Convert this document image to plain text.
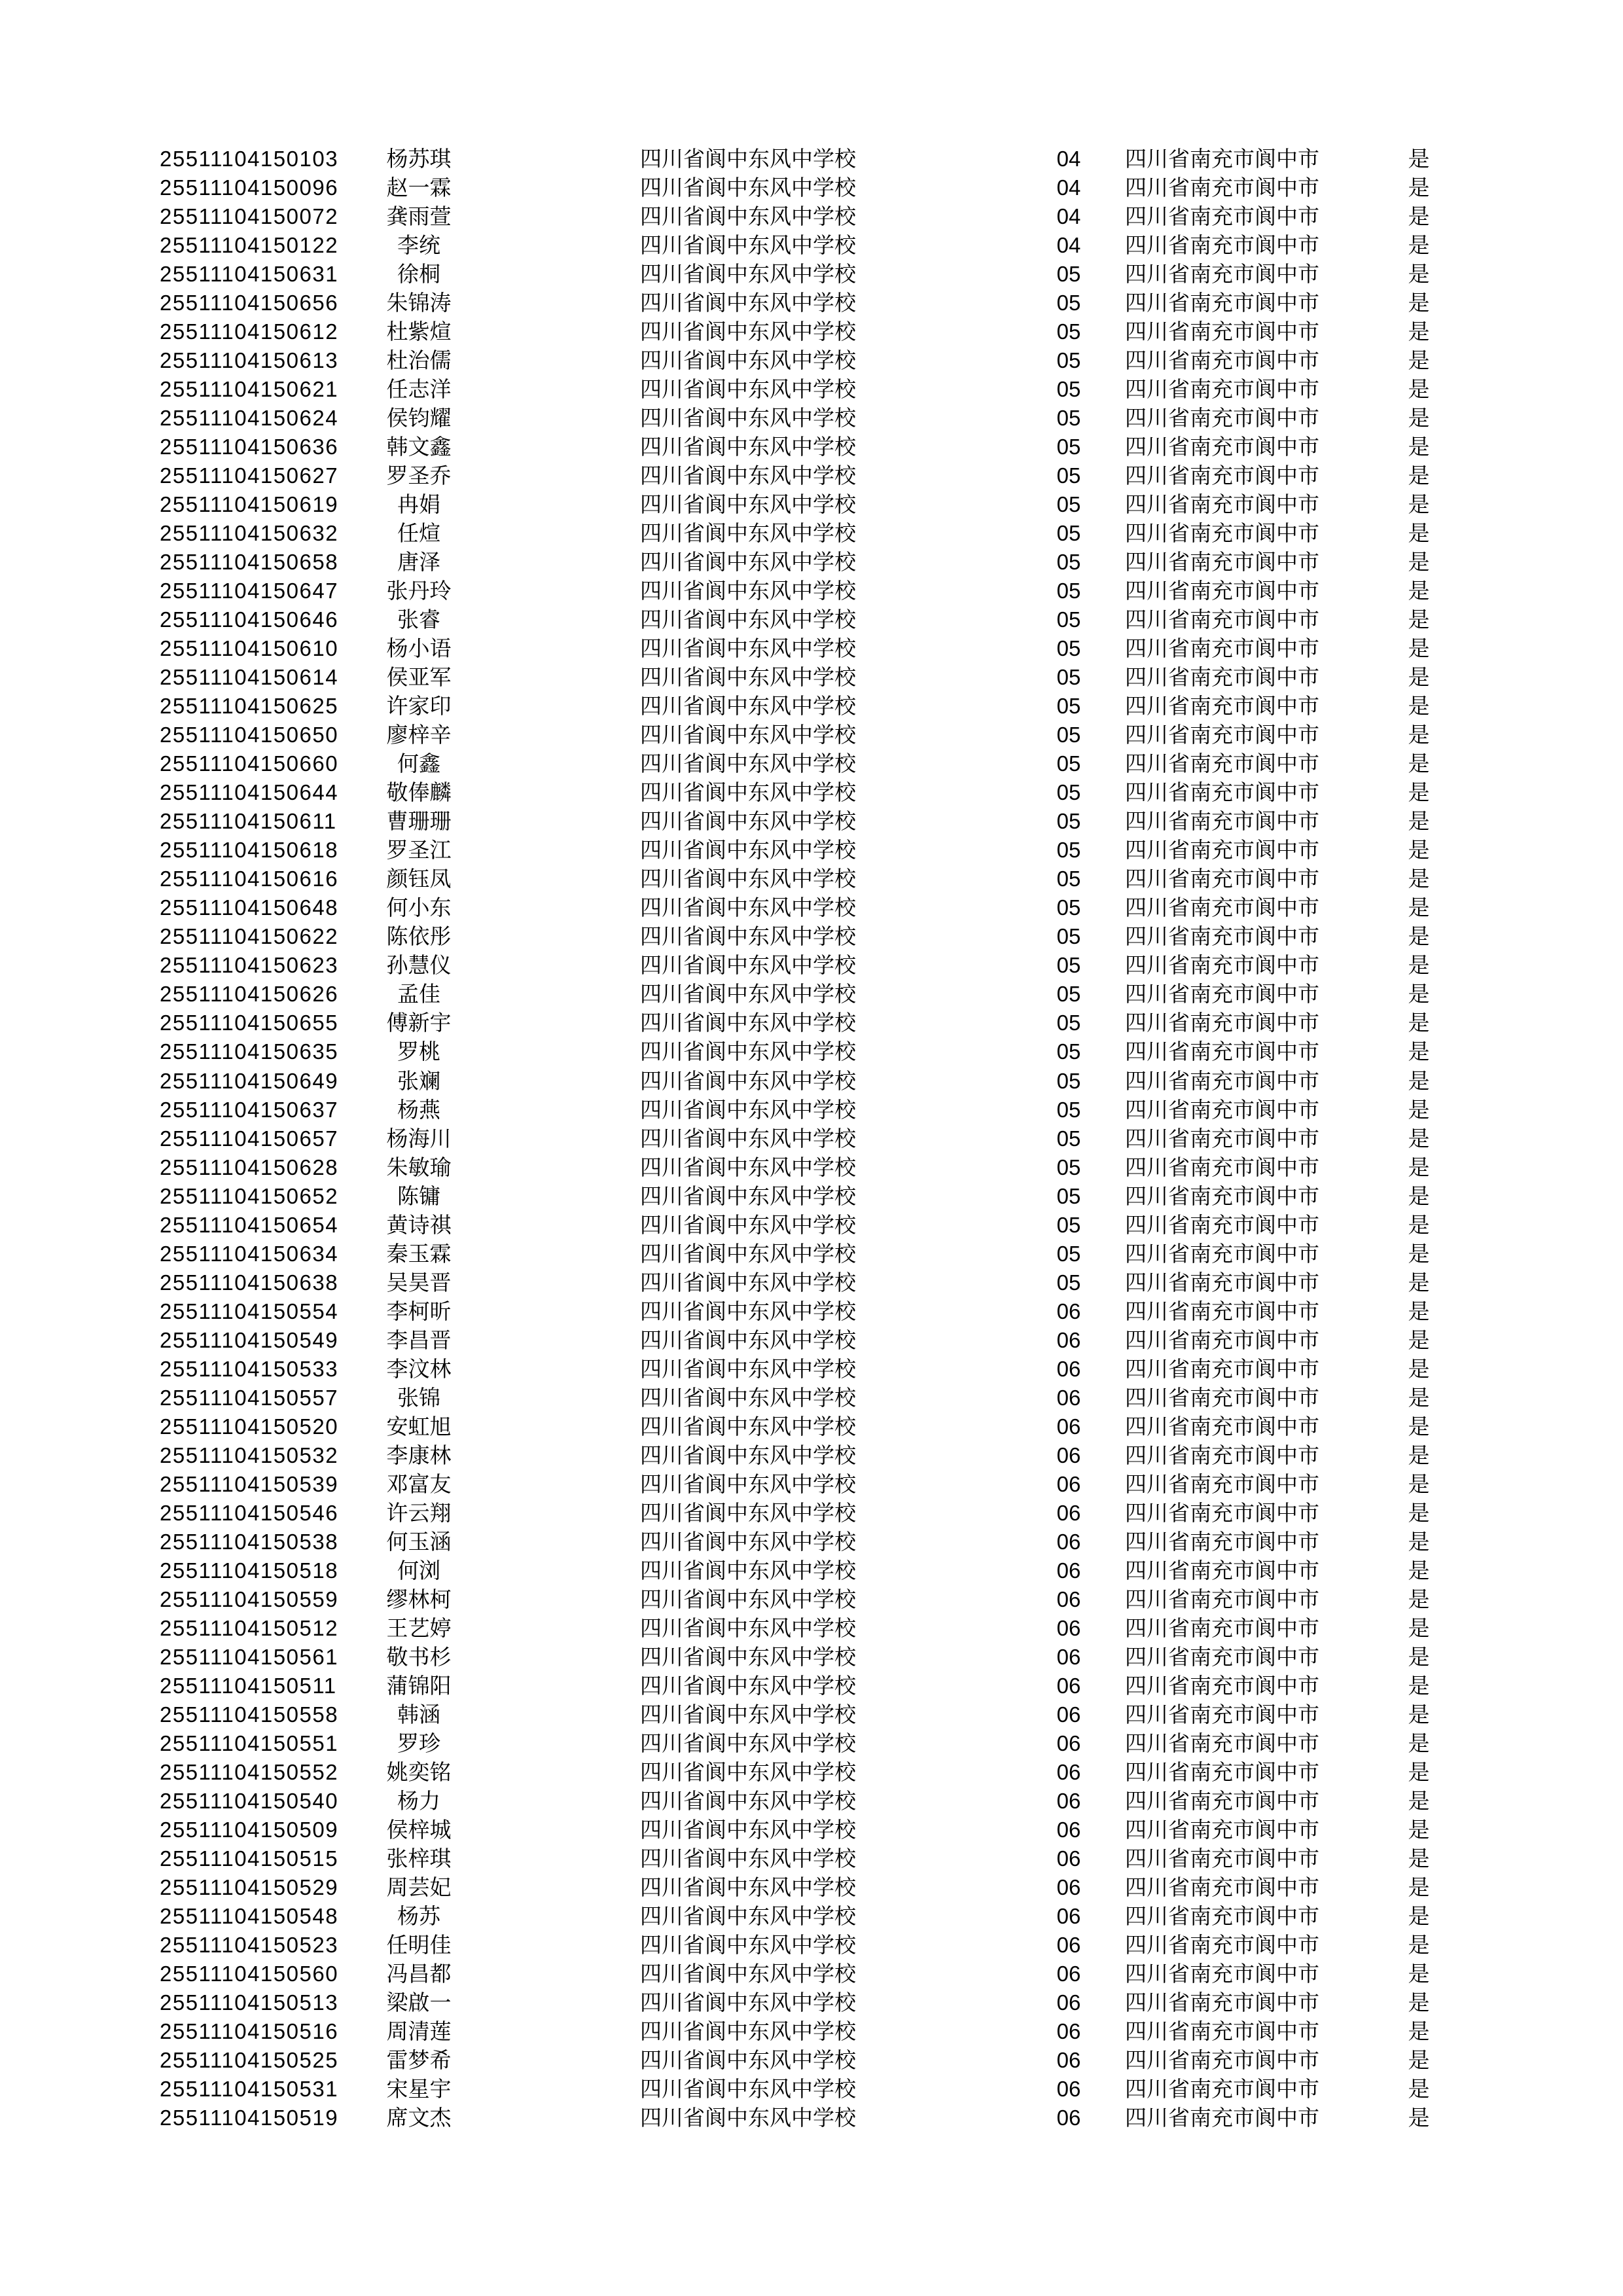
25511104150103	杨苏琪	四川省阆中东风中学校	04	四川省南充市阆中市	是
25511104150096	赵一霖	四川省阆中东风中学校	04	四川省南充市阆中市	是
25511104150072	龚雨萱	四川省阆中东风中学校	04	四川省南充市阆中市	是
25511104150122	李统	四川省阆中东风中学校	04	四川省南充市阆中市	是
25511104150631	徐桐	四川省阆中东风中学校	05	四川省南充市阆中市	是
25511104150656	朱锦涛	四川省阆中东风中学校	05	四川省南充市阆中市	是
25511104150612	杜紫煊	四川省阆中东风中学校	05	四川省南充市阆中市	是
25511104150613	杜治儒	四川省阆中东风中学校	05	四川省南充市阆中市	是
25511104150621	任志洋	四川省阆中东风中学校	05	四川省南充市阆中市	是
25511104150624	侯钧耀	四川省阆中东风中学校	05	四川省南充市阆中市	是
25511104150636	韩文鑫	四川省阆中东风中学校	05	四川省南充市阆中市	是
25511104150627	罗圣乔	四川省阆中东风中学校	05	四川省南充市阆中市	是
25511104150619	冉娟	四川省阆中东风中学校	05	四川省南充市阆中市	是
25511104150632	任煊	四川省阆中东风中学校	05	四川省南充市阆中市	是
25511104150658	唐泽	四川省阆中东风中学校	05	四川省南充市阆中市	是
25511104150647	张丹玲	四川省阆中东风中学校	05	四川省南充市阆中市	是
25511104150646	张睿	四川省阆中东风中学校	05	四川省南充市阆中市	是
25511104150610	杨小语	四川省阆中东风中学校	05	四川省南充市阆中市	是
25511104150614	侯亚军	四川省阆中东风中学校	05	四川省南充市阆中市	是
25511104150625	许家印	四川省阆中东风中学校	05	四川省南充市阆中市	是
25511104150650	廖梓辛	四川省阆中东风中学校	05	四川省南充市阆中市	是
25511104150660	何鑫	四川省阆中东风中学校	05	四川省南充市阆中市	是
25511104150644	敬俸麟	四川省阆中东风中学校	05	四川省南充市阆中市	是
25511104150611	曹珊珊	四川省阆中东风中学校	05	四川省南充市阆中市	是
25511104150618	罗圣江	四川省阆中东风中学校	05	四川省南充市阆中市	是
25511104150616	颜钰凤	四川省阆中东风中学校	05	四川省南充市阆中市	是
25511104150648	何小东	四川省阆中东风中学校	05	四川省南充市阆中市	是
25511104150622	陈依彤	四川省阆中东风中学校	05	四川省南充市阆中市	是
25511104150623	孙慧仪	四川省阆中东风中学校	05	四川省南充市阆中市	是
25511104150626	孟佳	四川省阆中东风中学校	05	四川省南充市阆中市	是
25511104150655	傅新宇	四川省阆中东风中学校	05	四川省南充市阆中市	是
25511104150635	罗桃	四川省阆中东风中学校	05	四川省南充市阆中市	是
25511104150649	张斓	四川省阆中东风中学校	05	四川省南充市阆中市	是
25511104150637	杨燕	四川省阆中东风中学校	05	四川省南充市阆中市	是
25511104150657	杨海川	四川省阆中东风中学校	05	四川省南充市阆中市	是
25511104150628	朱敏瑜	四川省阆中东风中学校	05	四川省南充市阆中市	是
25511104150652	陈镛	四川省阆中东风中学校	05	四川省南充市阆中市	是
25511104150654	黄诗祺	四川省阆中东风中学校	05	四川省南充市阆中市	是
25511104150634	秦玉霖	四川省阆中东风中学校	05	四川省南充市阆中市	是
25511104150638	吴昊晋	四川省阆中东风中学校	05	四川省南充市阆中市	是
25511104150554	李柯昕	四川省阆中东风中学校	06	四川省南充市阆中市	是
25511104150549	李昌晋	四川省阆中东风中学校	06	四川省南充市阆中市	是
25511104150533	李汶林	四川省阆中东风中学校	06	四川省南充市阆中市	是
25511104150557	张锦	四川省阆中东风中学校	06	四川省南充市阆中市	是
25511104150520	安虹旭	四川省阆中东风中学校	06	四川省南充市阆中市	是
25511104150532	李康林	四川省阆中东风中学校	06	四川省南充市阆中市	是
25511104150539	邓富友	四川省阆中东风中学校	06	四川省南充市阆中市	是
25511104150546	许云翔	四川省阆中东风中学校	06	四川省南充市阆中市	是
25511104150538	何玉涵	四川省阆中东风中学校	06	四川省南充市阆中市	是
25511104150518	何浏	四川省阆中东风中学校	06	四川省南充市阆中市	是
25511104150559	缪林柯	四川省阆中东风中学校	06	四川省南充市阆中市	是
25511104150512	王艺婷	四川省阆中东风中学校	06	四川省南充市阆中市	是
25511104150561	敬书杉	四川省阆中东风中学校	06	四川省南充市阆中市	是
25511104150511	蒲锦阳	四川省阆中东风中学校	06	四川省南充市阆中市	是
25511104150558	韩涵	四川省阆中东风中学校	06	四川省南充市阆中市	是
25511104150551	罗珍	四川省阆中东风中学校	06	四川省南充市阆中市	是
25511104150552	姚奕铭	四川省阆中东风中学校	06	四川省南充市阆中市	是
25511104150540	杨力	四川省阆中东风中学校	06	四川省南充市阆中市	是
25511104150509	侯梓城	四川省阆中东风中学校	06	四川省南充市阆中市	是
25511104150515	张梓琪	四川省阆中东风中学校	06	四川省南充市阆中市	是
25511104150529	周芸妃	四川省阆中东风中学校	06	四川省南充市阆中市	是
25511104150548	杨苏	四川省阆中东风中学校	06	四川省南充市阆中市	是
25511104150523	任明佳	四川省阆中东风中学校	06	四川省南充市阆中市	是
25511104150560	冯昌都	四川省阆中东风中学校	06	四川省南充市阆中市	是
25511104150513	梁啟一	四川省阆中东风中学校	06	四川省南充市阆中市	是
25511104150516	周清莲	四川省阆中东风中学校	06	四川省南充市阆中市	是
25511104150525	雷梦希	四川省阆中东风中学校	06	四川省南充市阆中市	是
25511104150531	宋星宇	四川省阆中东风中学校	06	四川省南充市阆中市	是
25511104150519	席文杰	四川省阆中东风中学校	06	四川省南充市阆中市	是
